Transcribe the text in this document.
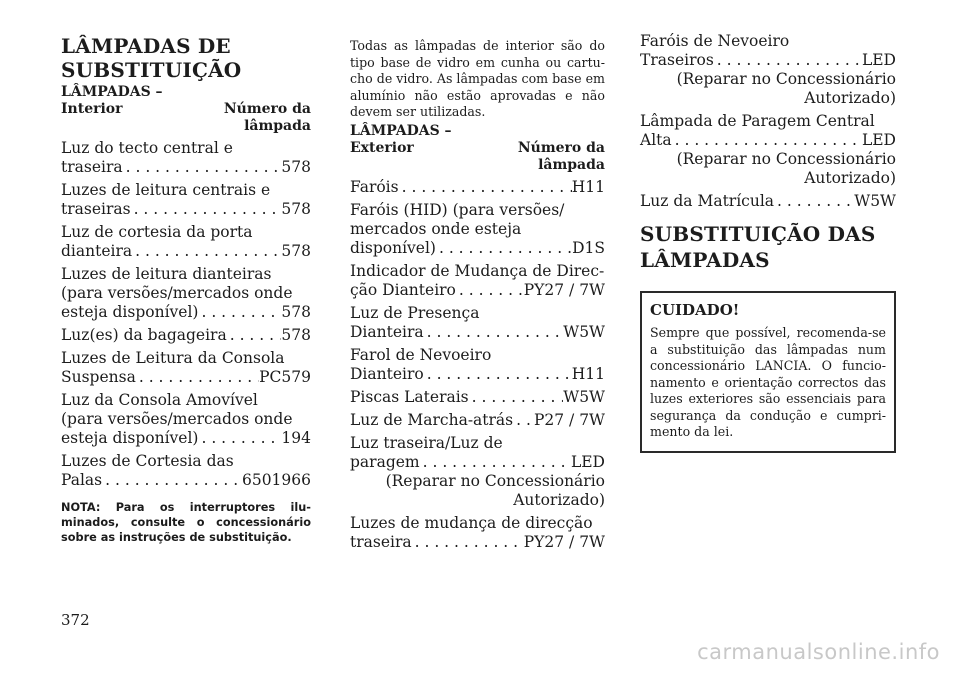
LÂMPADAS DE SUBSTITUIÇÃO
LÂMPADAS –
Interior	Número da
lâmpada
Luz do tecto central e
traseira . . .	578
Luzes de leitura centrais e
traseiras . . .	578
Luz de cortesia da porta
dianteira . . .	578
Luzes de leitura dianteiras
(para versões/mercados onde
esteja disponível) . . .	578
Luz(es) da bagageira . . .	578
Luzes de Leitura da Consola
Suspensa . . .	PC579
Luz da Consola Amovível
(para versões/mercados onde
esteja disponível) . . .	194
Luzes de Cortesia das
Palas . . .	6501966
NOTA: Para os interruptores ilu-minados, consulte o concessionário sobre as instruções de substituição.
Todas as lâmpadas de interior são do tipo base de vidro em cunha ou cartu-cho de vidro. As lâmpadas com base em alumínio não estão aprovadas e não devem ser utilizadas.
LÂMPADAS –
Exterior	Número da
lâmpada
Faróis . . .	H11
Faróis (HID) (para versões/
mercados onde esteja
disponível) . . .	D1S
Indicador de Mudança de Direc-
ção Dianteiro . . .	PY27 / 7W
Luz de Presença
Dianteira . . .	W5W
Farol de Nevoeiro
Dianteiro . . .	H11
Piscas Laterais . . .	W5W
Luz de Marcha-atrás . . . P27 / 7W
Luz traseira/Luz de
paragem . . .	LED
(Reparar no Concessionário
Autorizado)
Luzes de mudança de direcção
traseira . . .	PY27 / 7W
Faróis de Nevoeiro
Traseiros . . .	LED
(Reparar no Concessionário
Autorizado)
Lâmpada de Paragem Central
Alta . . .	LED
(Reparar no Concessionário
Autorizado)
Luz da Matrícula . . .	W5W
SUBSTITUIÇÃO DAS LÂMPADAS
CUIDADO!
Sempre que possível, recomenda-se a substituição das lâmpadas num concessionário LANCIA. O funcio-namento e orientação correctos das luzes exteriores são essenciais para segurança da condução e cumpri-mento da lei.
372
carmanualsonline.info
